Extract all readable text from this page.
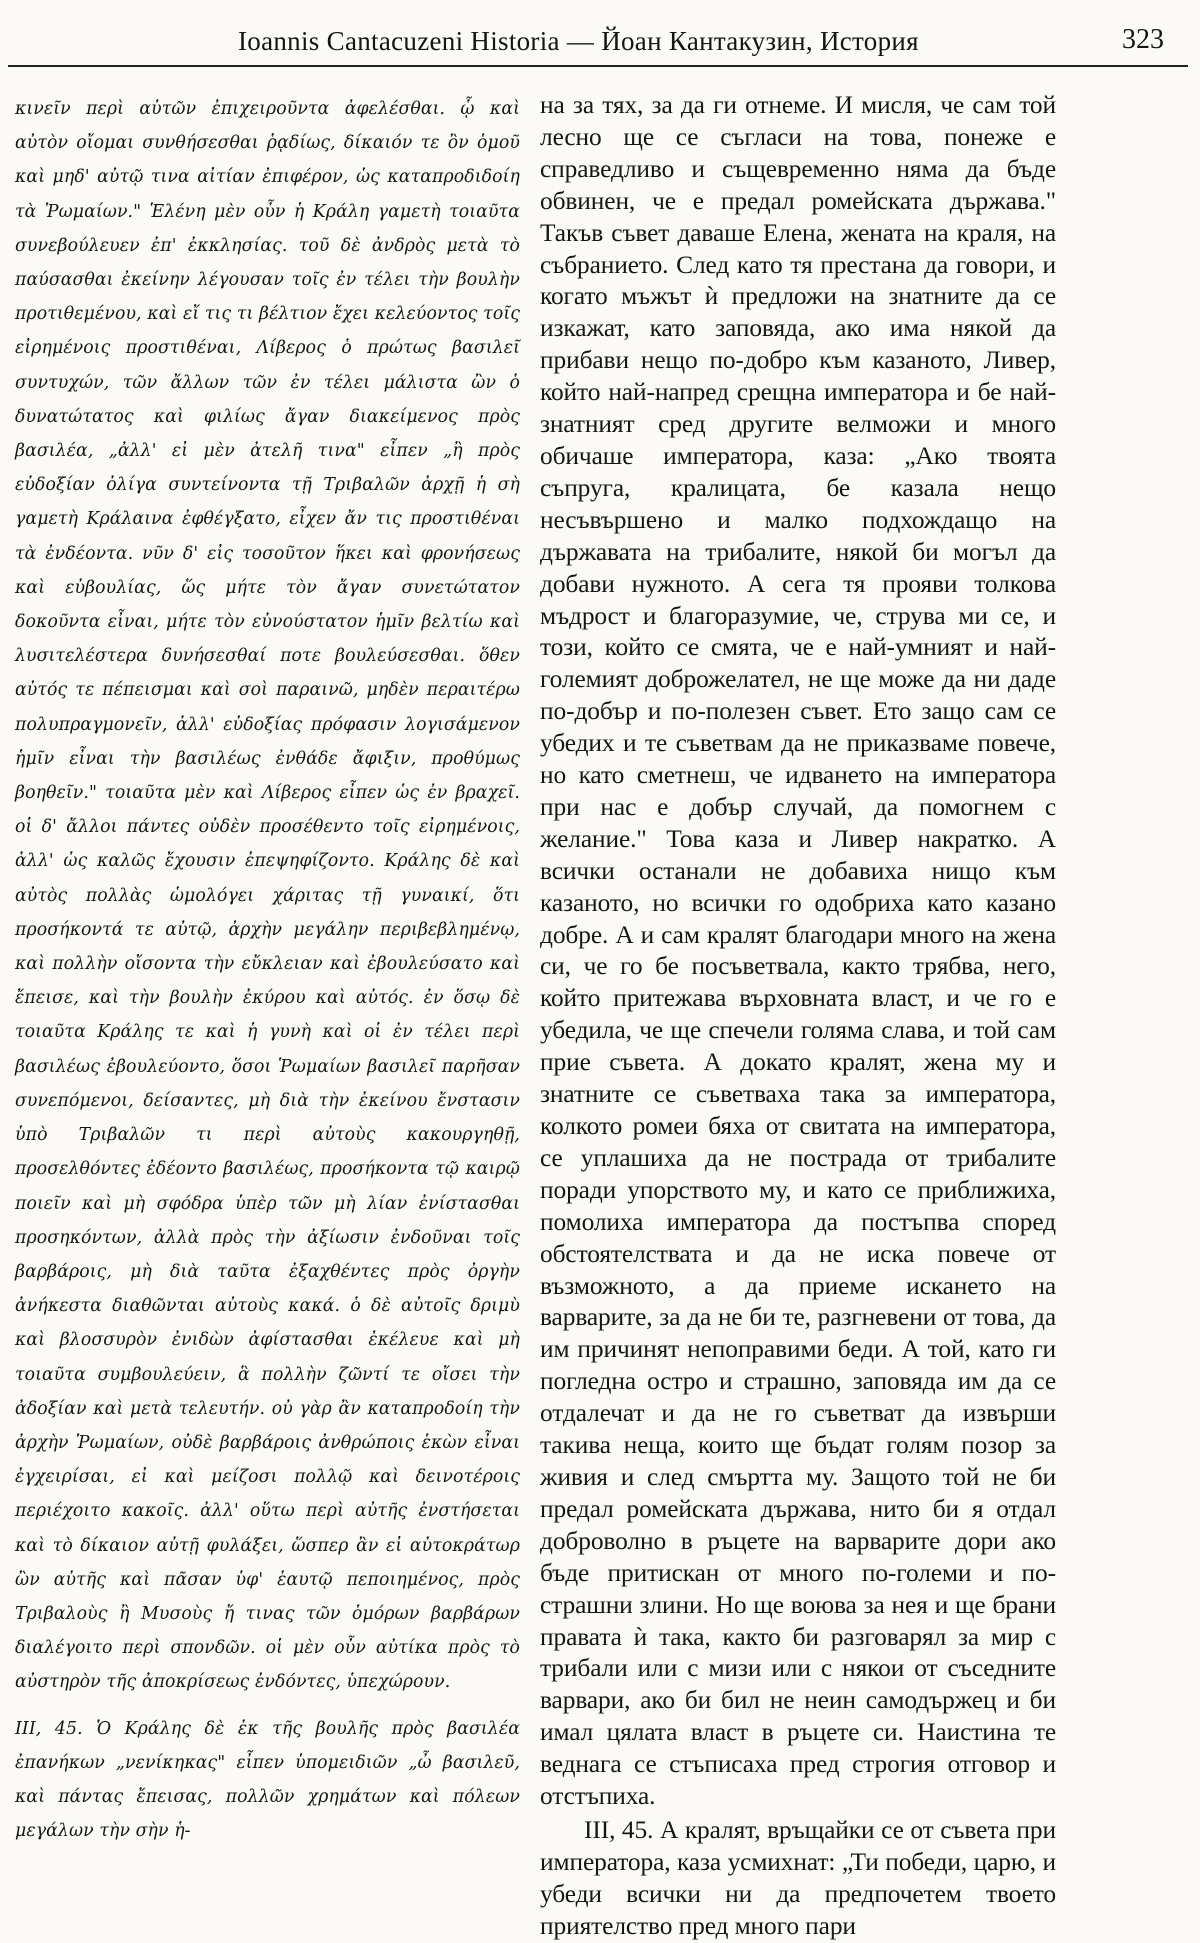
Ioannis Cantacuzeni Historia — Йоан Кантакузин, История	323

κινεῖν περὶ αὐτῶν ἐπιχειροῦντα ἀφελέσθαι. ᾧ καὶ αὐτὸν οἴομαι συνθήσεσθαι ῥᾳδίως, δίκαιόν τε ὂν ὁμοῦ καὶ μηδ' αὐτῷ τινα αἰτίαν ἐπιφέρον, ὡς καταπροδιδοίη τὰ Ῥωμαίων." Ἑλένη μὲν οὖν ἡ Κράλη γαμετὴ τοιαῦτα συνεβούλευεν ἐπ' ἐκκλησίας. τοῦ δὲ ἀνδρὸς μετὰ τὸ παύσασθαι ἐκείνην λέγουσαν τοῖς ἐν τέλει τὴν βουλὴν προτιθεμένου, καὶ εἴ τις τι βέλτιον ἔχει κελεύοντος τοῖς εἰρημένοις προστιθέναι, Λίβερος ὁ πρώτως βασιλεῖ συντυχών, τῶν ἄλλων τῶν ἐν τέλει μάλιστα ὢν ὁ δυνατώτατος καὶ φιλίως ἄγαν διακείμενος πρὸς βασιλέα, „ἀλλ' εἰ μὲν ἀτελῆ τινα" εἶπεν „ἢ πρὸς εὐδοξίαν ὀλίγα συντείνοντα τῇ Τριβαλῶν ἀρχῇ ἡ σὴ γαμετὴ Κράλαινα ἐφθέγξατο, εἶχεν ἄν τις προστιθέναι τὰ ἐνδέοντα. νῦν δ' εἰς τοσοῦτον ἥκει καὶ φρονήσεως καὶ εὐβουλίας, ὥς μήτε τὸν ἄγαν συνετώτατον δοκοῦντα εἶναι, μήτε τὸν εὐνούστατον ἡμῖν βελτίω καὶ λυσιτελέστερα δυνήσεσθαί ποτε βουλεύσεσθαι. ὅθεν αὐτός τε πέπεισμαι καὶ σοὶ παραινῶ, μηδὲν περαιτέρω πολυπραγμονεῖν, ἀλλ' εὐδοξίας πρόφασιν λογισάμενον ἡμῖν εἶναι τὴν βασιλέως ἐνθάδε ἄφιξιν, προθύμως βοηθεῖν." τοιαῦτα μὲν καὶ Λίβερος εἶπεν ὡς ἐν βραχεῖ. οἱ δ' ἄλλοι πάντες οὐδὲν προσέθεντο τοῖς εἰρημένοις, ἀλλ' ὡς καλῶς ἔχουσιν ἐπεψηφίζοντο. Κράλης δὲ καὶ αὐτὸς πολλὰς ὡμολόγει χάριτας τῇ γυναικί, ὅτι προσήκοντά τε αὐτῷ, ἀρχὴν μεγάλην περιβεβλημένῳ, καὶ πολλὴν οἴσοντα τὴν εὔκλειαν καὶ ἐβουλεύσατο καὶ ἔπεισε, καὶ τὴν βουλὴν ἐκύρου καὶ αὐτός. ἐν ὅσῳ δὲ τοιαῦτα Κράλης τε καὶ ἡ γυνὴ καὶ οἱ ἐν τέλει περὶ βασιλέως ἐβουλεύοντο, ὅσοι Ῥωμαίων βασιλεῖ παρῆσαν συνεπόμενοι, δείσαντες, μὴ διὰ τὴν ἐκείνου ἔνστασιν ὑπὸ Τριβαλῶν τι περὶ αὐτοὺς κακουργηθῇ, προσελθόντες ἐδέοντο βασιλέως, προσήκοντα τῷ καιρῷ ποιεῖν καὶ μὴ σφόδρα ὑπὲρ τῶν μὴ λίαν ἐνίστασθαι προσηκόντων, ἀλλὰ πρὸς τὴν ἀξίωσιν ἐνδοῦναι τοῖς βαρβάροις, μὴ διὰ ταῦτα ἐξαχθέντες πρὸς ὀργὴν ἀνήκεστα διαθῶνται αὐτοὺς κακά. ὁ δὲ αὐτοῖς δριμὺ καὶ βλοσσυρὸν ἐνιδὼν ἀφίστασθαι ἐκέλευε καὶ μὴ τοιαῦτα συμβουλεύειν, ἃ πολλὴν ζῶντί τε οἴσει τὴν ἀδοξίαν καὶ μετὰ τελευτήν. οὐ γὰρ ἂν καταπροδοίη τὴν ἀρχὴν Ῥωμαίων, οὐδὲ βαρβάροις ἀνθρώποις ἑκὼν εἶναι ἐγχειρίσαι, εἰ καὶ μείζοσι πολλῷ καὶ δεινοτέροις περιέχοιτο κακοῖς. ἀλλ' οὕτω περὶ αὐτῆς ἐνστήσεται καὶ τὸ δίκαιον αὐτῇ φυλάξει, ὥσπερ ἂν εἰ αὐτοκράτωρ ὢν αὐτῆς καὶ πᾶσαν ὑφ' ἑαυτῷ πεποιημένος, πρὸς Τριβαλοὺς ἢ Μυσοὺς ἤ τινας τῶν ὁμόρων βαρβάρων διαλέγοιτο περὶ σπονδῶν. οἱ μὲν οὖν αὐτίκα πρὸς τὸ αὐστηρὸν τῆς ἀποκρίσεως ἐνδόντες, ὑπεχώρουν.

III, 45. Ὁ Κράλης δὲ ἐκ τῆς βουλῆς πρὸς βασιλέα ἐπανήκων „νενίκηκας" εἶπεν ὑπομειδιῶν „ὦ βασιλεῦ, καὶ πάντας ἔπεισας, πολλῶν χρημάτων καὶ πόλεων μεγάλων τὴν σὴν ἡ-

на за тях, за да ги отнеме. И мисля, че сам той лесно ще се съгласи на това, понеже е справедливо и същевременно няма да бъде обвинен, че е предал ромейската държава." Такъв съвет даваше Елена, жената на краля, на събранието. След като тя престана да говори, и когато мъжът ѝ предложи на знатните да се изкажат, като заповяда, ако има някой да прибави нещо по-добро към казаното, Ливер, който най-напред срещна императора и бе най-знатният сред другите велможи и много обичаше императора, каза: „Ако твоята съпруга, кралицата, бе казала нещо несъвършено и малко подхождащо на държавата на трибалите, някой би могъл да добави нужното. А сега тя прояви толкова мъдрост и благоразумие, че, струва ми се, и този, който се смята, че е най-умният и най-големият доброжелател, не ще може да ни даде по-добър и по-полезен съвет. Ето защо сам се убедих и те съветвам да не приказваме повече, но като сметнеш, че идването на императора при нас е добър случай, да помогнем с желание." Това каза и Ливер накратко. А всички останали не добавиха нищо към казаното, но всички го одобриха като казано добре. А и сам кралят благодари много на жена си, че го бе посъветвала, както трябва, него, който притежава върховната власт, и че го е убедила, че ще спечели голяма слава, и той сам прие съвета. А докато кралят, жена му и знатните се съветваха така за императора, колкото ромеи бяха от свитата на императора, се уплашиха да не пострада от трибалите поради упорството му, и като се приближиха, помолиха императора да постъпва според обстоятелствата и да не иска повече от възможното, а да приеме искането на варварите, за да не би те, разгневени от това, да им причинят непоправими беди. А той, като ги погледна остро и страшно, заповяда им да се отдалечат и да не го съветват да извърши такива неща, които ще бъдат голям позор за живия и след смъртта му. Защото той не би предал ромейската държава, нито би я отдал доброволно в ръцете на варварите дори ако бъде притискан от много по-големи и по-страшни злини. Но ще воюва за нея и ще брани правата ѝ така, както би разговарял за мир с трибали или с мизи или с някои от съседните варвари, ако би бил не неин самодържец и би имал цялата власт в ръцете си. Наистина те веднага се стъписаха пред строгия отговор и отстъпиха.

III, 45. А кралят, връщайки се от съвета при императора, каза усмихнат: „Ти победи, царю, и убеди всички ни да предпочетем твоето приятелство пред много пари
